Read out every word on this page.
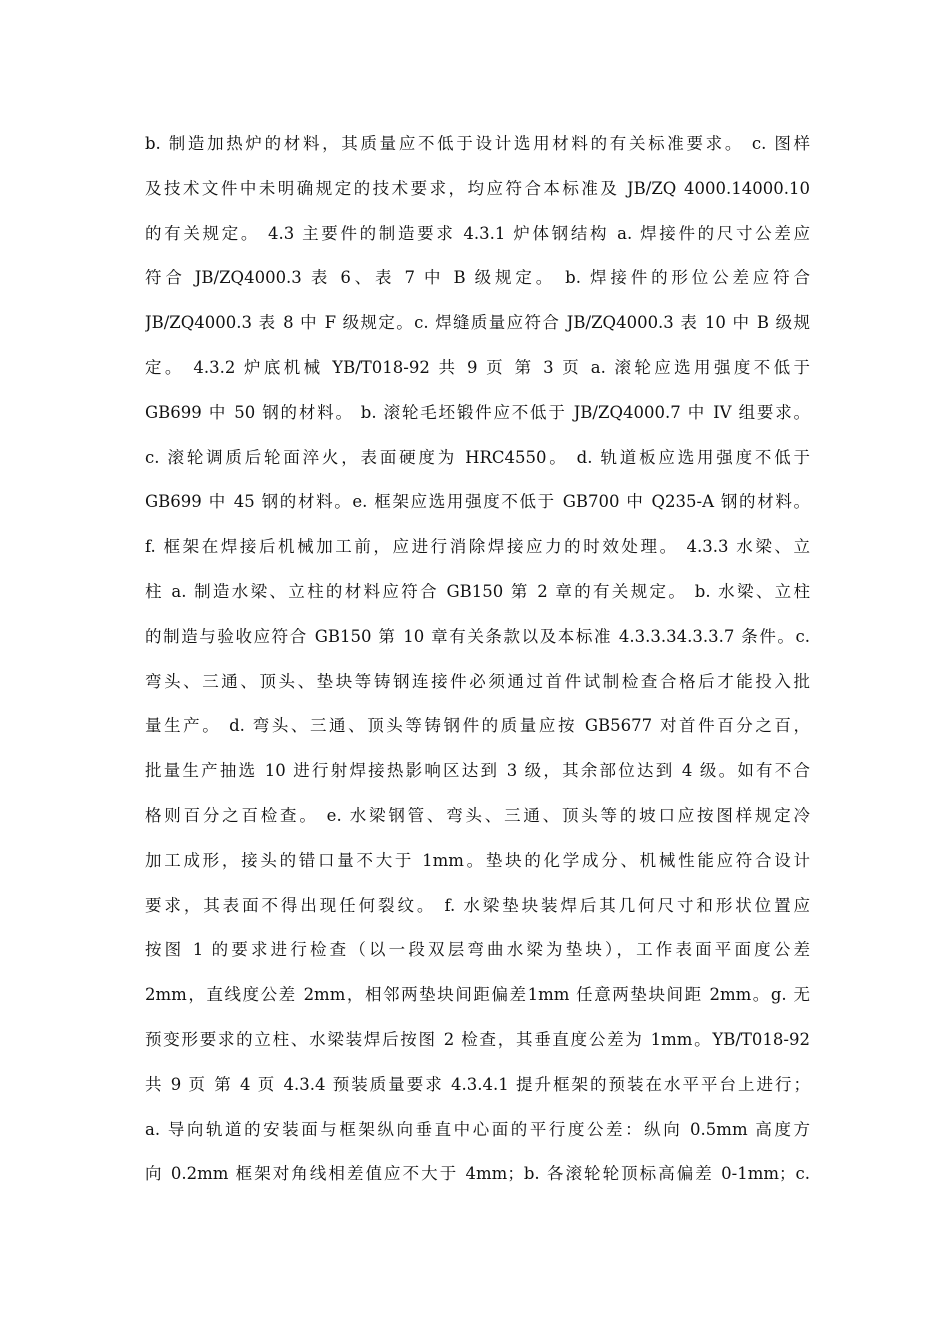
b. 制造加热炉的材料，其质量应不低于设计选用材料的有关标准要求。 c. 图样
及技术文件中未明确规定的技术要求，均应符合本标准及 JB/ZQ 4000.14000.10
的有关规定。 4.3 主要件的制造要求 4.3.1 炉体钢结构 a. 焊接件的尺寸公差应
符合 JB/ZQ4000.3 表 6、表 7 中 B 级规定。 b. 焊接件的形位公差应符合
JB/ZQ4000.3 表 8 中 F 级规定。c. 焊缝质量应符合 JB/ZQ4000.3 表 10 中 B 级规
定。 4.3.2 炉底机械 YB/T018-92 共 9 页 第 3 页 a. 滚轮应选用强度不低于
GB699 中 50 钢的材料。 b. 滚轮毛坯锻件应不低于 JB/ZQ4000.7 中 IV 组要求。
c. 滚轮调质后轮面淬火，表面硬度为 HRC4550。 d. 轨道板应选用强度不低于
GB699 中 45 钢的材料。e. 框架应选用强度不低于 GB700 中 Q235-A 钢的材料。
f. 框架在焊接后机械加工前，应进行消除焊接应力的时效处理。 4.3.3 水梁、立
柱 a. 制造水梁、立柱的材料应符合 GB150 第 2 章的有关规定。 b. 水梁、立柱
的制造与验收应符合 GB150 第 10 章有关条款以及本标准 4.3.3.34.3.3.7 条件。c.
弯头、三通、顶头、垫块等铸钢连接件必须通过首件试制检查合格后才能投入批
量生产。 d. 弯头、三通、顶头等铸钢件的质量应按 GB5677 对首件百分之百，
批量生产抽选 10 进行射焊接热影响区达到 3 级，其余部位达到 4 级。如有不合
格则百分之百检查。 e. 水梁钢管、弯头、三通、顶头等的坡口应按图样规定冷
加工成形，接头的错口量不大于 1mm。垫块的化学成分、机械性能应符合设计
要求，其表面不得出现任何裂纹。 f. 水梁垫块装焊后其几何尺寸和形状位置应
按图 1 的要求进行检查（以一段双层弯曲水梁为垫块），工作表面平面度公差
2mm，直线度公差 2mm，相邻两垫块间距偏差1mm 任意两垫块间距 2mm。g. 无
预变形要求的立柱、水梁装焊后按图 2 检查，其垂直度公差为 1mm。YB/T018-92
共 9 页 第 4 页 4.3.4 预装质量要求 4.3.4.1 提升框架的预装在水平平台上进行；
a. 导向轨道的安装面与框架纵向垂直中心面的平行度公差：纵向 0.5mm 高度方
向 0.2mm 框架对角线相差值应不大于 4mm；b. 各滚轮轮顶标高偏差 0-1mm；c.
